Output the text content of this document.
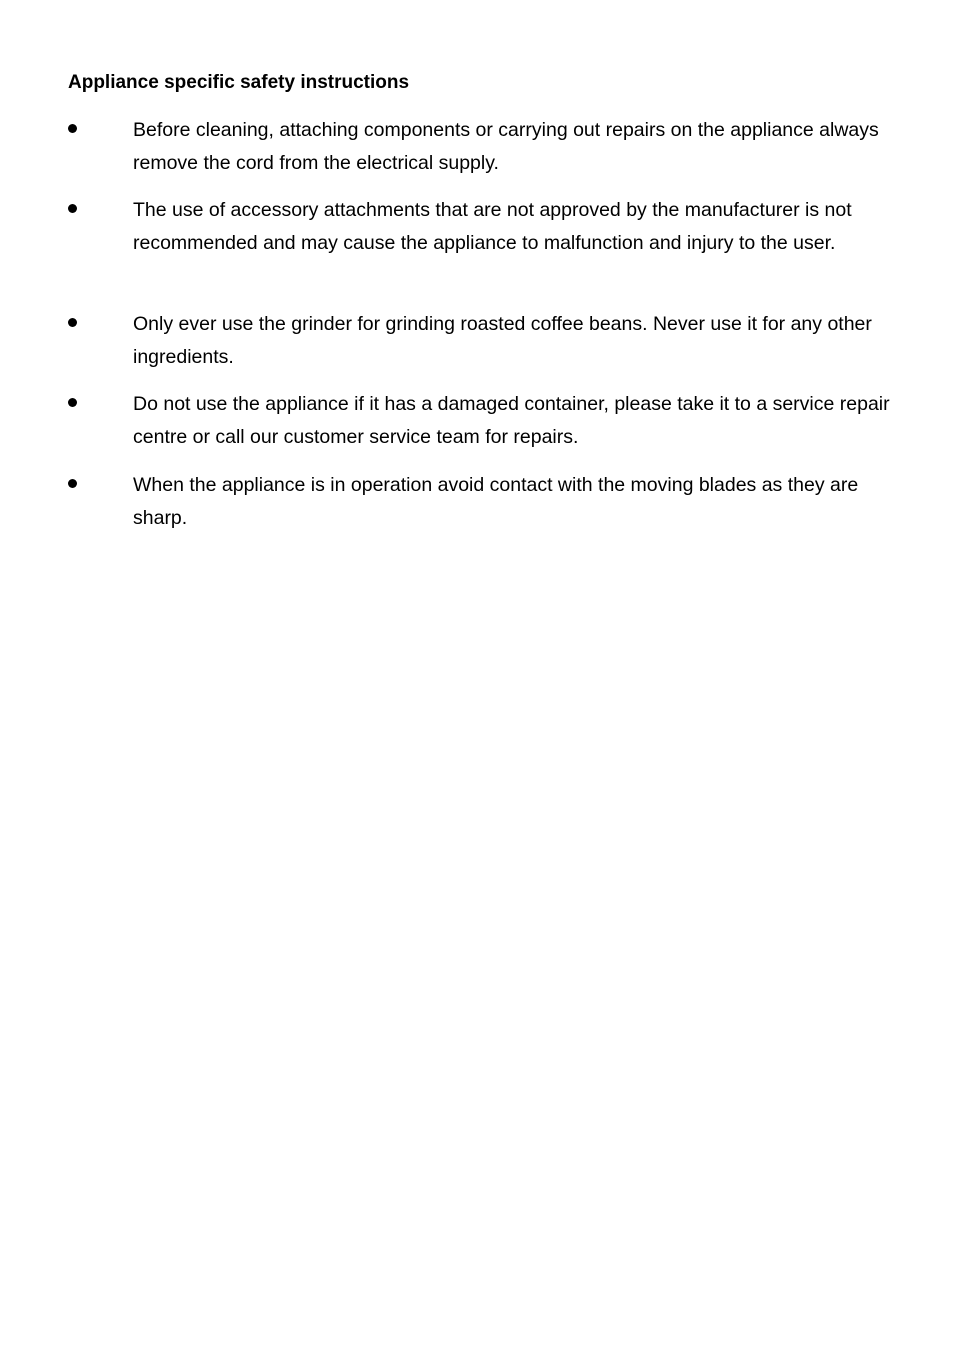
Appliance specific safety instructions

Before cleaning, attaching components or carrying out repairs on the appliance always remove the cord from the electrical supply.

The use of accessory attachments that are not approved by the manufacturer is not recommended and may cause the appliance to malfunction and injury to the user.

Only ever use the grinder for grinding roasted coffee beans. Never use it for any other ingredients.

Do not use the appliance if it has a damaged container, please take it to a service repair centre or call our customer service team for repairs.

When the appliance is in operation avoid contact with the moving blades as they are sharp.
